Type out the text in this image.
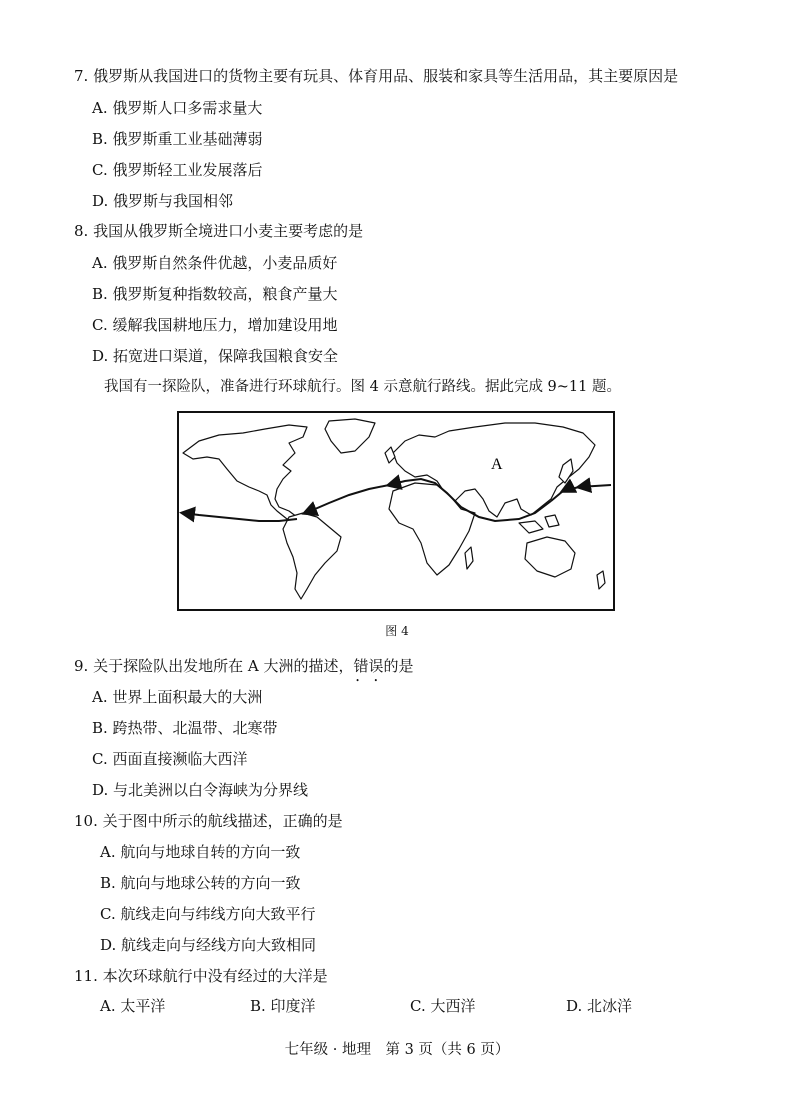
7. 俄罗斯从我国进口的货物主要有玩具、体育用品、服装和家具等生活用品，其主要原因是
A. 俄罗斯人口多需求量大
B. 俄罗斯重工业基础薄弱
C. 俄罗斯轻工业发展落后
D. 俄罗斯与我国相邻
8. 我国从俄罗斯全境进口小麦主要考虑的是
A. 俄罗斯自然条件优越，小麦品质好
B. 俄罗斯复种指数较高，粮食产量大
C. 缓解我国耕地压力，增加建设用地
D. 拓宽进口渠道，保障我国粮食安全
我国有一探险队，准备进行环球航行。图 4 示意航行路线。据此完成 9~11 题。
A
图 4
9. 关于探险队出发地所在 A 大洲的描述，错误 • •的是
A. 世界上面积最大的大洲
B. 跨热带、北温带、北寒带
C. 西面直接濒临大西洋
D. 与北美洲以白令海峡为分界线
10. 关于图中所示的航线描述，正确的是
A. 航向与地球自转的方向一致
B. 航向与地球公转的方向一致
C. 航线走向与纬线方向大致平行
D. 航线走向与经线方向大致相同
11. 本次环球航行中没有经过的大洋是
A. 太平洋	B. 印度洋	C. 大西洋	D. 北冰洋
七年级 · 地理　第 3 页（共 6 页）
